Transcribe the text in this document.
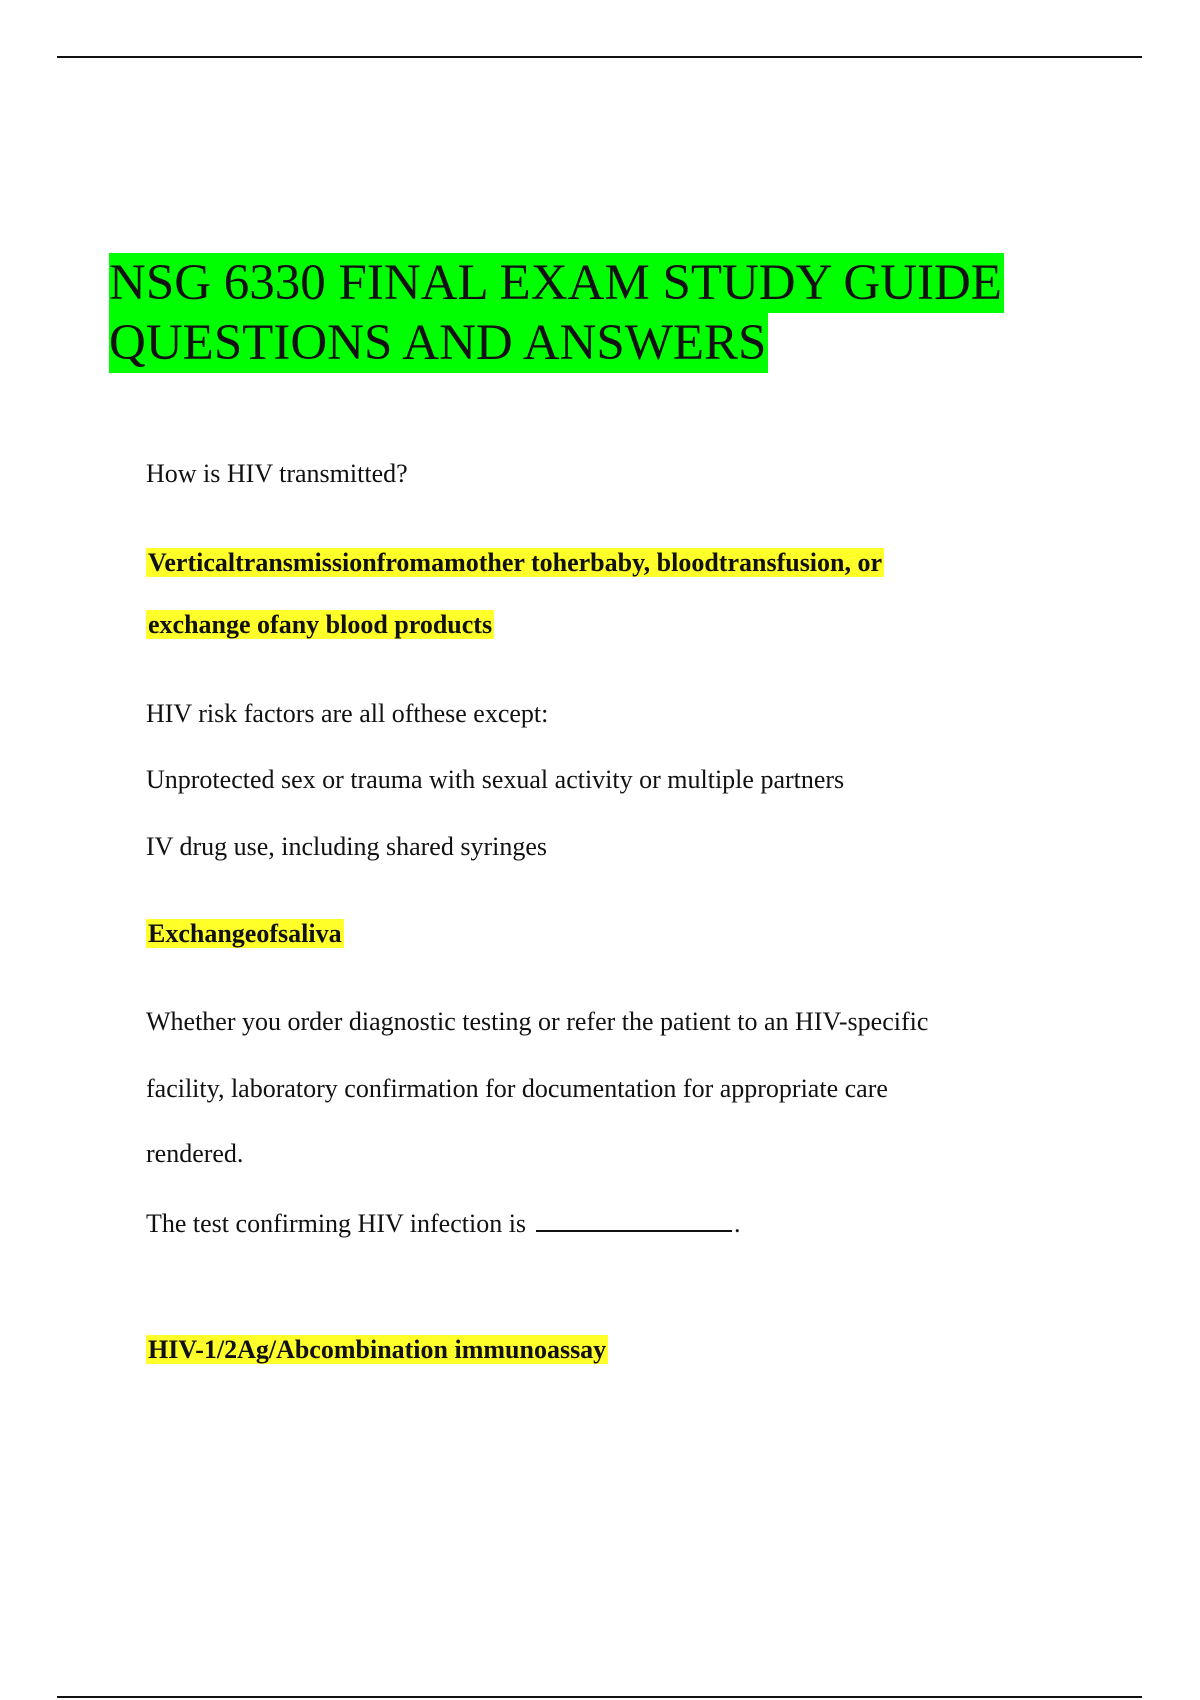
NSG 6330 FINAL EXAM STUDY GUIDE
QUESTIONS AND ANSWERS
How is HIV transmitted?
Verticaltransmissionfromamother toherbaby, bloodtransfusion, or
exchange ofany blood products
HIV risk factors are all ofthese except:
Unprotected sex or trauma with sexual activity or multiple partners
IV drug use, including shared syringes
Exchangeofsaliva
Whether you order diagnostic testing or refer the patient to an HIV-specific
facility, laboratory confirmation for documentation for appropriate care
rendered.
The test confirming HIV infection is	.
HIV-1/2Ag/Abcombination immunoassay
